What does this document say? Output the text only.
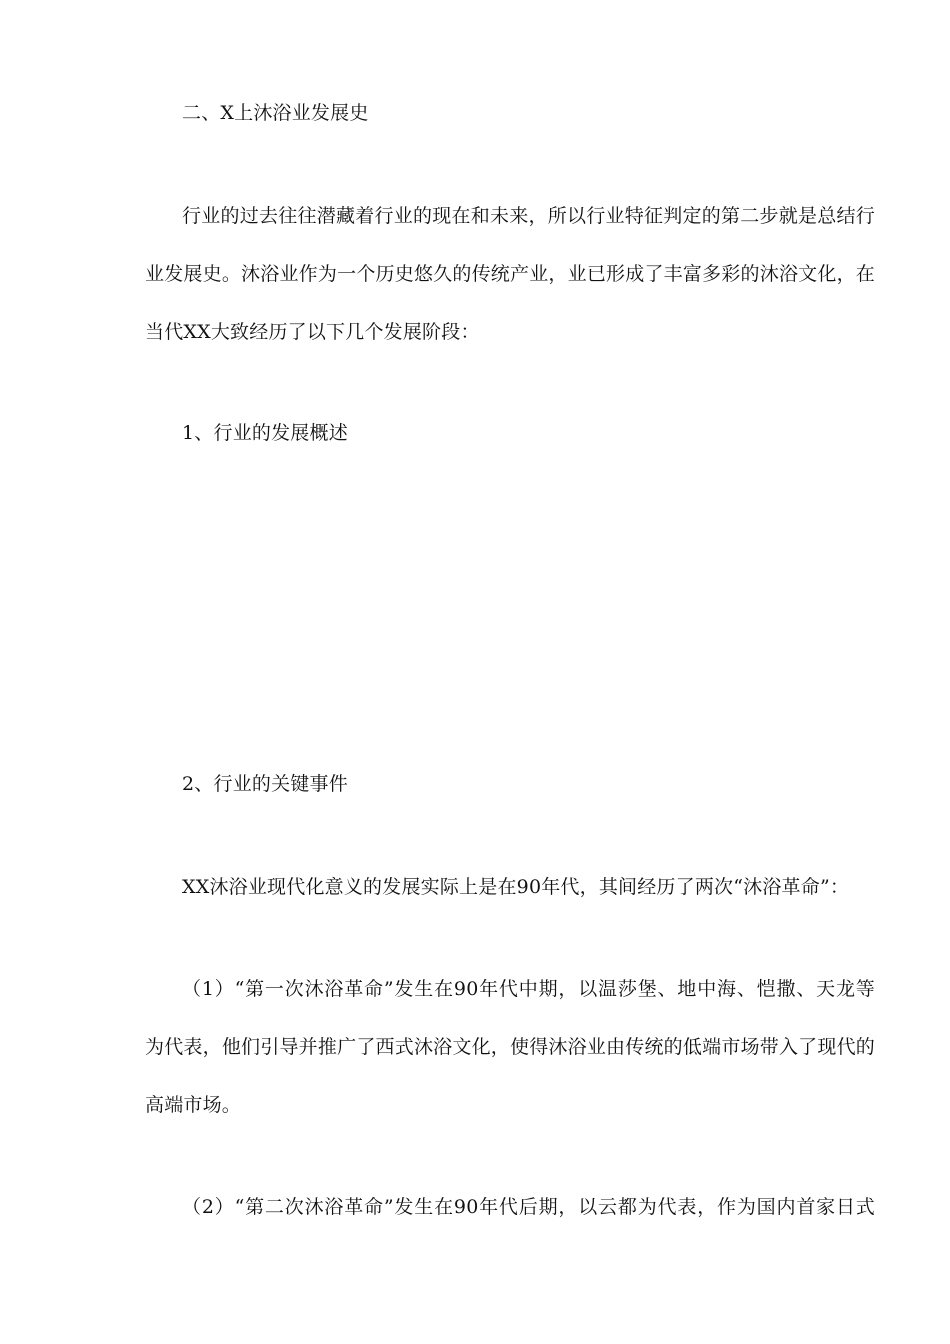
二、X上沐浴业发展史
行业的过去往往潜藏着行业的现在和未来，所以行业特征判定的第二步就是总结行
业发展史。沐浴业作为一个历史悠久的传统产业，业已形成了丰富多彩的沐浴文化，在
当代XX大致经历了以下几个发展阶段：
1、行业的发展概述
2、行业的关键事件
XX沐浴业现代化意义的发展实际上是在90年代，其间经历了两次“沐浴革命”：
（1）“第一次沐浴革命”发生在90年代中期，以温莎堡、地中海、恺撒、天龙等
为代表，他们引导并推广了西式沐浴文化，使得沐浴业由传统的低端市场带入了现代的
高端市场。
（2）“第二次沐浴革命”发生在90年代后期，以云都为代表，作为国内首家日式
